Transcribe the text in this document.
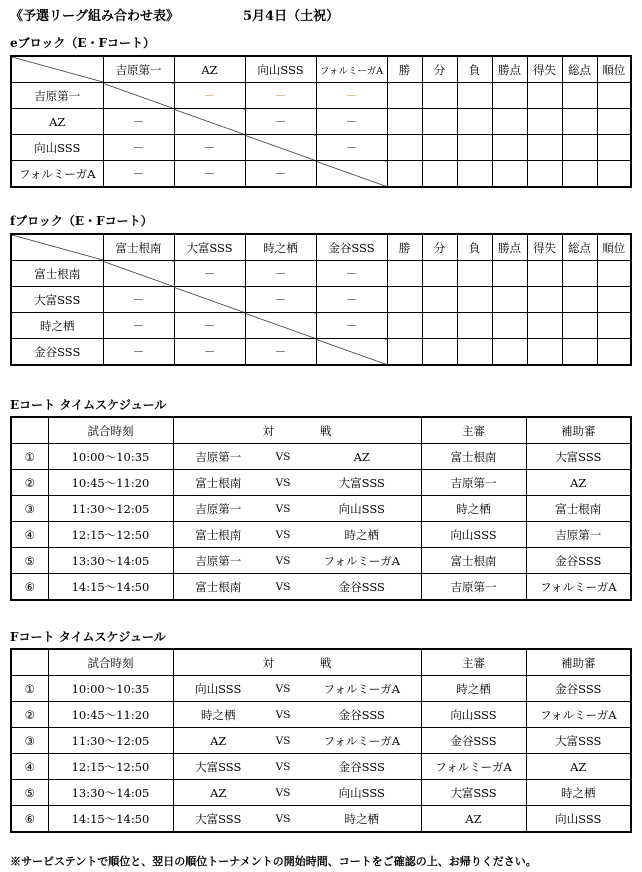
《予選リーグ組み合わせ表》	5月4日（土祝）
eブロック（E・Fコート）
	吉原第一	AZ	向山SSS	フォルミーガA	勝	分	負	勝点	得失	総点	順位
吉原第一		－	－	－							
AZ	－		－	－							
向山SSS	－	－		－							
フォルミーガA	－	－	－								
fブロック（E・Fコート）
	富士根南	大富SSS	時之栖	金谷SSS	勝	分	負	勝点	得失	総点	順位
富士根南		－	－	－							
大富SSS	－		－	－							
時之栖	－	－		－							
金谷SSS	－	－	－								
Eコート タイムスケジュール
	試合時刻	対 戦			主審	補助審
①	10:00～10:35	吉原第一	VS	AZ	富士根南	大富SSS
②	10:45～11:20	富士根南	VS	大富SSS	吉原第一	AZ
③	11:30～12:05	吉原第一	VS	向山SSS	時之栖	富士根南
④	12:15～12:50	富士根南	VS	時之栖	向山SSS	吉原第一
⑤	13:30～14:05	吉原第一	VS	フォルミーガA	富士根南	金谷SSS
⑥	14:15～14:50	富士根南	VS	金谷SSS	吉原第一	フォルミーガA
Fコート タイムスケジュール
	試合時刻	対 戦			主審	補助審
①	10:00～10:35	向山SSS	VS	フォルミーガA	時之栖	金谷SSS
②	10:45～11:20	時之栖	VS	金谷SSS	向山SSS	フォルミーガA
③	11:30～12:05	AZ	VS	フォルミーガA	金谷SSS	大富SSS
④	12:15～12:50	大富SSS	VS	金谷SSS	フォルミーガA	AZ
⑤	13:30～14:05	AZ	VS	向山SSS	大富SSS	時之栖
⑥	14:15～14:50	大富SSS	VS	時之栖	AZ	向山SSS
※サービステントで順位と、翌日の順位トーナメントの開始時間、コートをご確認の上、お帰りください。
